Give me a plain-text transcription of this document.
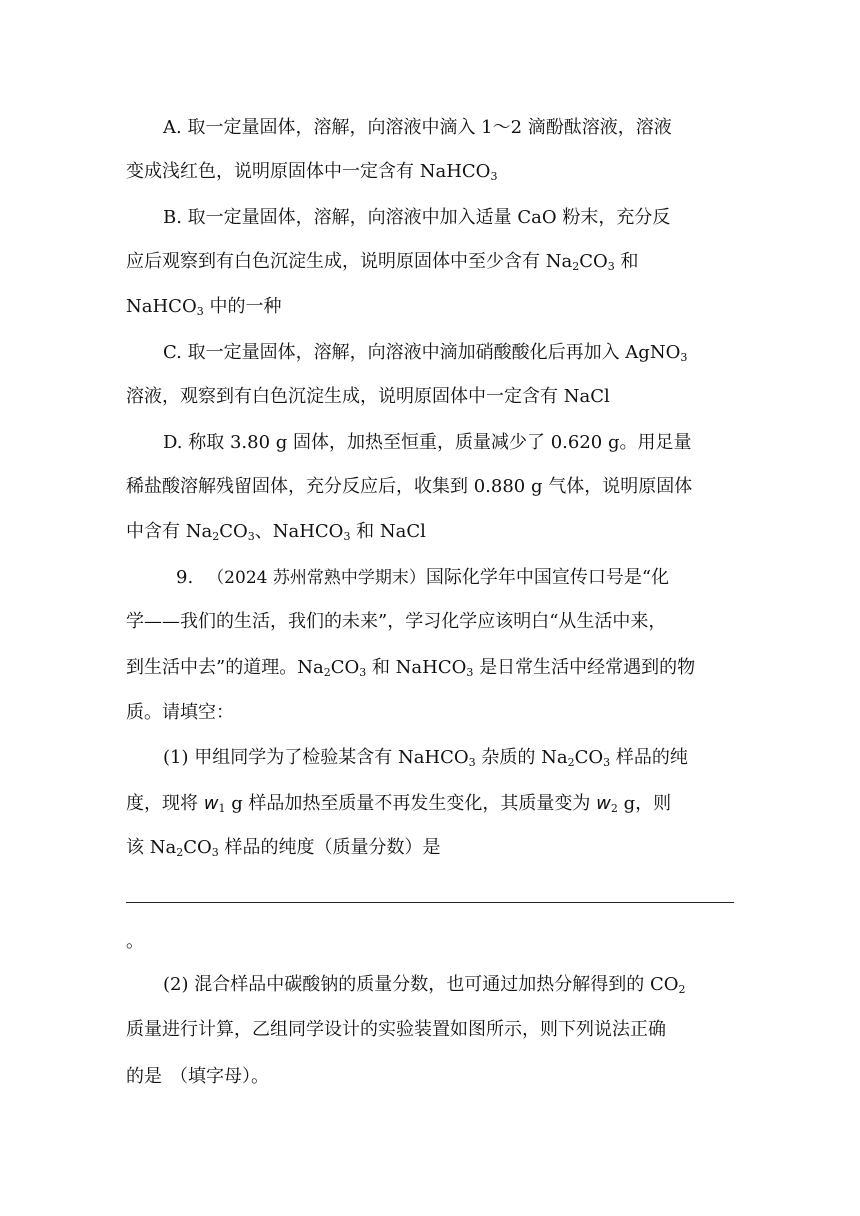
A. 取一定量固体，溶解，向溶液中滴入 1～2 滴酚酞溶液，溶液
变成浅红色，说明原固体中一定含有 NaHCO$_3$
B. 取一定量固体，溶解，向溶液中加入适量 CaO 粉末，充分反
应后观察到有白色沉淀生成，说明原固体中至少含有 $Na_2CO_3$ 和
NaHCO$_3$ 中的一种
C. 取一定量固体，溶解，向溶液中滴加硝酸酸化后再加入 AgNO$_3$
溶液，观察到有白色沉淀生成，说明原固体中一定含有 NaCl
D. 称取 3.80 g 固体，加热至恒重，质量减少了 0.620 g。用足量
稀盐酸溶解残留固体，充分反应后，收集到 0.880 g 气体，说明原固体
中含有 $Na_2CO_3$、NaHCO$_3$ 和 NaCl
9. （2024 苏州常熟中学期末）国际化学年中国宣传口号是“化
学——我们的生活，我们的未来”，学习化学应该明白“从生活中来，
到生活中去”的道理。$Na_2CO_3$ 和 NaHCO$_3$ 是日常生活中经常遇到的物
质。请填空：
(1) 甲组同学为了检验某含有 NaHCO$_3$ 杂质的 $Na_2CO_3$ 样品的纯
度，现将 $w_1$ g 样品加热至质量不再发生变化，其质量变为 $w_2$ g，则
该 $Na_2CO_3$ 样品的纯度（质量分数）是
。
(2) 混合样品中碳酸钠的质量分数，也可通过加热分解得到的 $CO_2$
质量进行计算，乙组同学设计的实验装置如图所示，则下列说法正确
的是 （填字母）。
